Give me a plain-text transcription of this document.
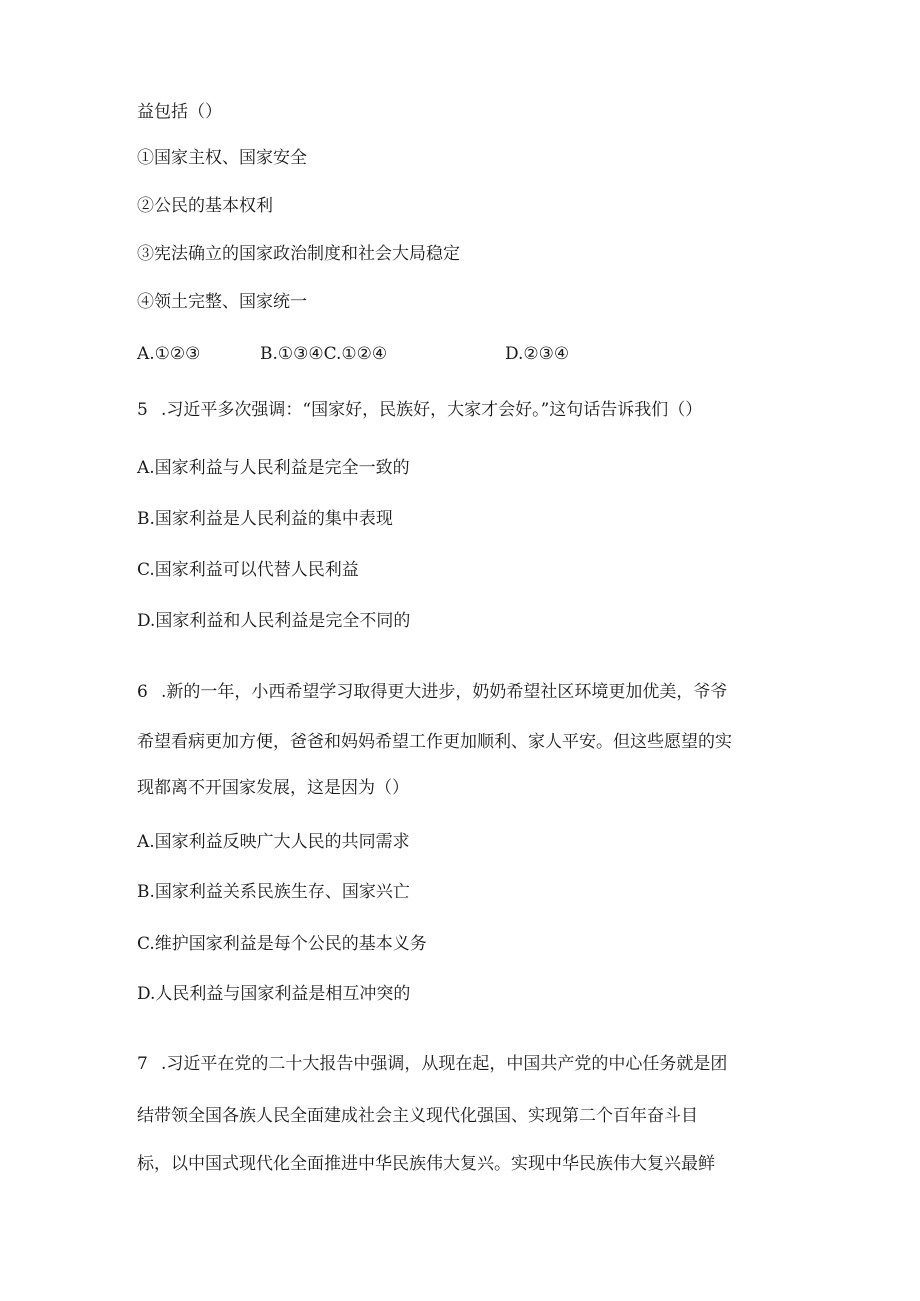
益包括（）
①国家主权、国家安全
②公民的基本权利
③宪法确立的国家政治制度和社会大局稳定
④领土完整、国家统一
A.①②③	B.①③④C.①②④	D.②③④
5 .习近平多次强调：“国家好，民族好，大家才会好。”这句话告诉我们（）
A.国家利益与人民利益是完全一致的
B.国家利益是人民利益的集中表现
C.国家利益可以代替人民利益
D.国家利益和人民利益是完全不同的
6 .新的一年，小西希望学习取得更大进步，奶奶希望社区环境更加优美，爷爷
希望看病更加方便，爸爸和妈妈希望工作更加顺利、家人平安。但这些愿望的实
现都离不开国家发展，这是因为（）
A.国家利益反映广大人民的共同需求
B.国家利益关系民族生存、国家兴亡
C.维护国家利益是每个公民的基本义务
D.人民利益与国家利益是相互冲突的
7 .习近平在党的二十大报告中强调，从现在起，中国共产党的中心任务就是团
结带领全国各族人民全面建成社会主义现代化强国、实现第二个百年奋斗目
标，以中国式现代化全面推进中华民族伟大复兴。实现中华民族伟大复兴最鲜
